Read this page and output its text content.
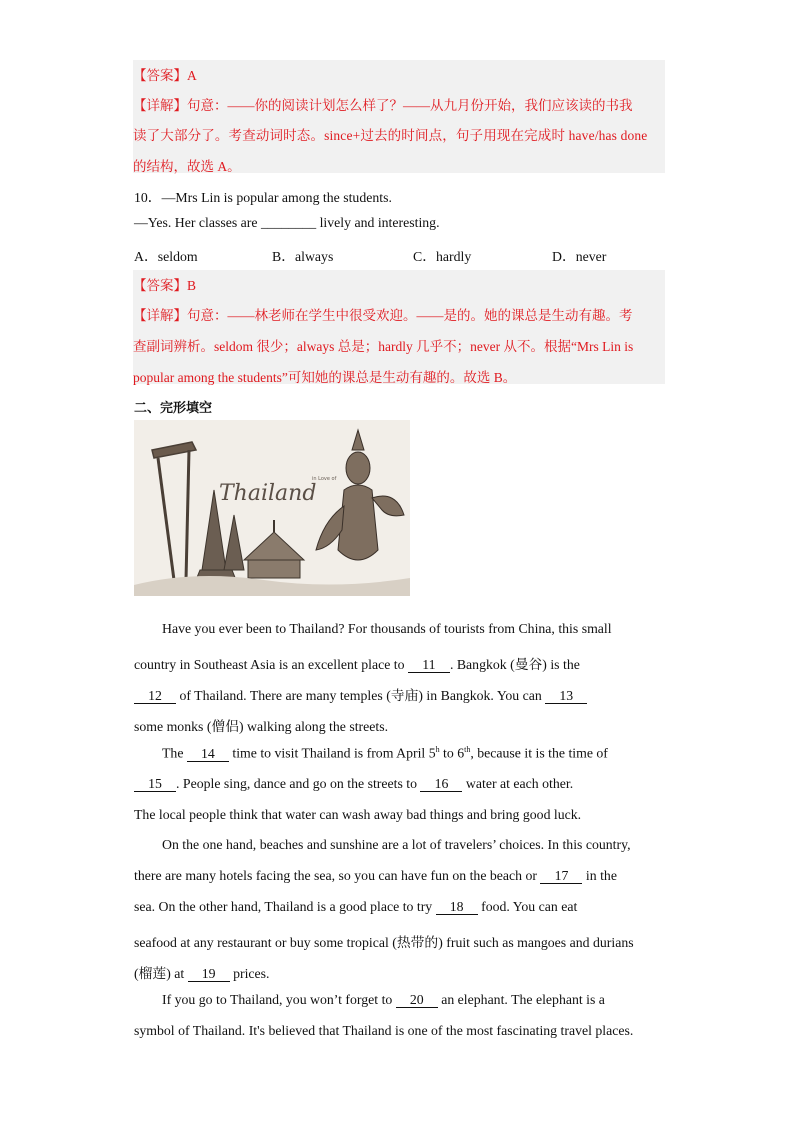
【答案】A
【详解】句意：——你的阅读计划怎么样了？——从九月份开始，我们应该读的书我
读了大部分了。考查动词时态。since+过去的时间点，句子用现在完成时 have/has done
的结构，故选 A。
10．—Mrs Lin is popular among the students.
—Yes. Her classes are ________ lively and interesting.
A．seldom	B．always	C．hardly	D．never
【答案】B
【详解】句意：——林老师在学生中很受欢迎。——是的。她的课总是生动有趣。考
查副词辨析。seldom 很少；always 总是；hardly 几乎不；never 从不。根据“Mrs Lin is
popular among the students”可知她的课总是生动有趣的。故选 B。
二、完形填空
Thailand
in Love of
Have you ever been to Thailand? For thousands of tourists from China, this small
country in Southeast Asia is an excellent place to 11 . Bangkok (曼谷) is the
12 of Thailand. There are many temples (寺庙) in Bangkok. You can 13
some monks (僧侣) walking along the streets.
The 14 time to visit Thailand is from April 5$^h$ to 6th, because it is the time of
15 . People sing, dance and go on the streets to 16 water at each other.
The local people think that water can wash away bad things and bring good luck.
On the one hand, beaches and sunshine are a lot of travelers’ choices. In this country,
there are many hotels facing the sea, so you can have fun on the beach or 17 in the
sea. On the other hand, Thailand is a good place to try 18 food. You can eat
seafood at any restaurant or buy some tropical (热带的) fruit such as mangoes and durians
(榴莲) at 19 prices.
If you go to Thailand, you won’t forget to 20 an elephant. The elephant is a
symbol of Thailand. It's believed that Thailand is one of the most fascinating travel places.
